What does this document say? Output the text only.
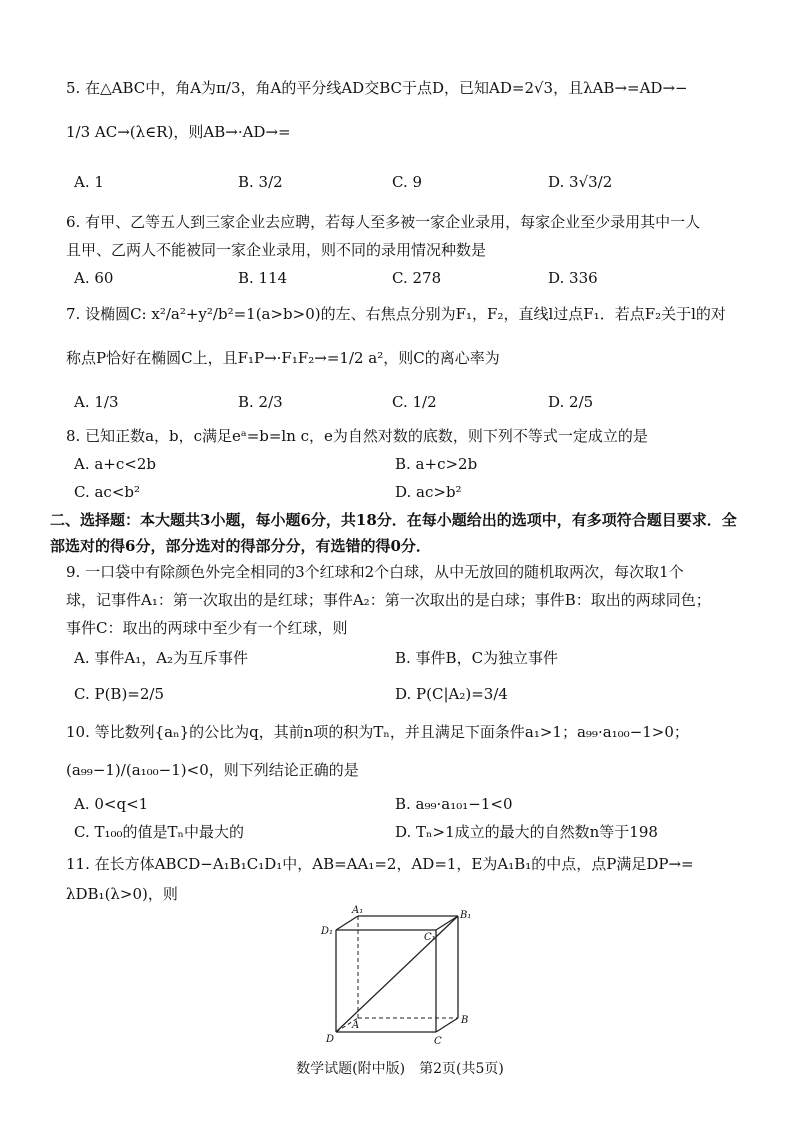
5. 在△ABC中，角A为π/3，角A的平分线AD交BC于点D，已知AD=2√3，且λAB→=AD→−
1/3 AC→(λ∈R)，则AB→·AD→=
A. 1	B. 3/2	C. 9	D. 3√3/2
6. 有甲、乙等五人到三家企业去应聘，若每人至多被一家企业录用，每家企业至少录用其中一人
且甲、乙两人不能被同一家企业录用，则不同的录用情况种数是
A. 60	B. 114	C. 278	D. 336
7. 设椭圆C: x²/a²+y²/b²=1(a>b>0)的左、右焦点分别为F₁，F₂，直线l过点F₁．若点F₂关于l的对
称点P恰好在椭圆C上，且F₁P→·F₁F₂→=1/2 a²，则C的离心率为
A. 1/3	B. 2/3	C. 1/2	D. 2/5
8. 已知正数a，b，c满足eᵃ=b=ln c，e为自然对数的底数，则下列不等式一定成立的是
A. a+c<2b	B. a+c>2b
C. ac<b²	D. ac>b²
二、选择题：本大题共3小题，每小题6分，共18分．在每小题给出的选项中，有多项符合题目要求．全
部选对的得6分，部分选对的得部分分，有选错的得0分．
9. 一口袋中有除颜色外完全相同的3个红球和2个白球，从中无放回的随机取两次，每次取1个
球，记事件A₁：第一次取出的是红球；事件A₂：第一次取出的是白球；事件B：取出的两球同色；
事件C：取出的两球中至少有一个红球，则
A. 事件A₁，A₂为互斥事件	B. 事件B，C为独立事件
C. P(B)=2/5	D. P(C|A₂)=3/4
10. 等比数列{aₙ}的公比为q，其前n项的积为Tₙ，并且满足下面条件a₁>1；a₉₉·a₁₀₀−1>0；
(a₉₉−1)/(a₁₀₀−1)<0，则下列结论正确的是
A. 0<q<1	B. a₉₉·a₁₀₁−1<0
C. T₁₀₀的值是Tₙ中最大的	D. Tₙ>1成立的最大的自然数n等于198
11. 在长方体ABCD−A₁B₁C₁D₁中，AB=AA₁=2，AD=1，E为A₁B₁的中点，点P满足DP→=
λDB₁(λ>0)，则
A₁	B₁
C₁
D₁
A	B
C
D
数学试题(附中版)　第2页(共5页)
